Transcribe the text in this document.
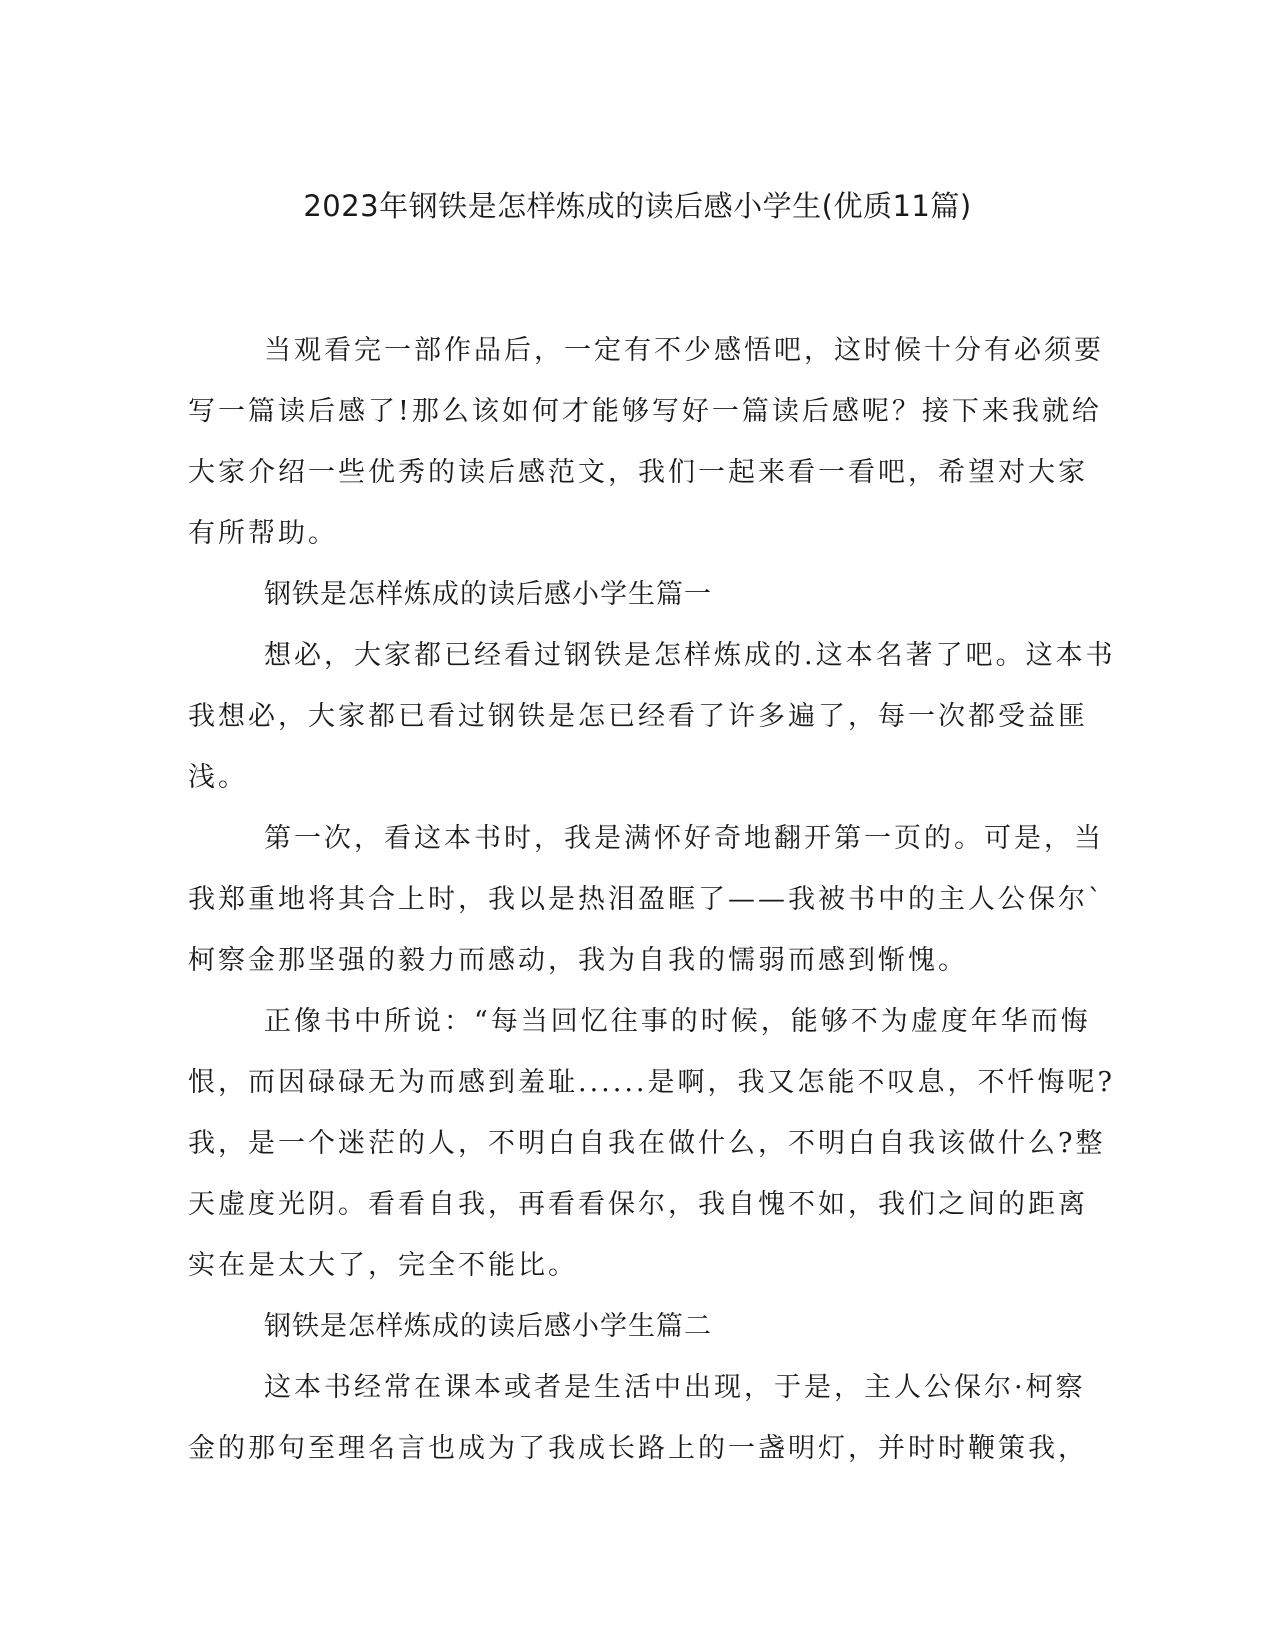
2023年钢铁是怎样炼成的读后感小学生(优质11篇)
当观看完一部作品后，一定有不少感悟吧，这时候十分有必须要
写一篇读后感了!那么该如何才能够写好一篇读后感呢？接下来我就给
大家介绍一些优秀的读后感范文，我们一起来看一看吧，希望对大家
有所帮助。
钢铁是怎样炼成的读后感小学生篇一
想必，大家都已经看过钢铁是怎样炼成的.这本名著了吧。这本书
我想必，大家都已看过钢铁是怎已经看了许多遍了，每一次都受益匪
浅。
第一次，看这本书时，我是满怀好奇地翻开第一页的。可是，当
我郑重地将其合上时，我以是热泪盈眶了——我被书中的主人公保尔`
柯察金那坚强的毅力而感动，我为自我的懦弱而感到惭愧。
正像书中所说：“每当回忆往事的时候，能够不为虚度年华而悔
恨，而因碌碌无为而感到羞耻......是啊，我又怎能不叹息，不忏悔呢?
我，是一个迷茫的人，不明白自我在做什么，不明白自我该做什么?整
天虚度光阴。看看自我，再看看保尔，我自愧不如，我们之间的距离
实在是太大了，完全不能比。
钢铁是怎样炼成的读后感小学生篇二
这本书经常在课本或者是生活中出现，于是，主人公保尔·柯察
金的那句至理名言也成为了我成长路上的一盏明灯，并时时鞭策我，
